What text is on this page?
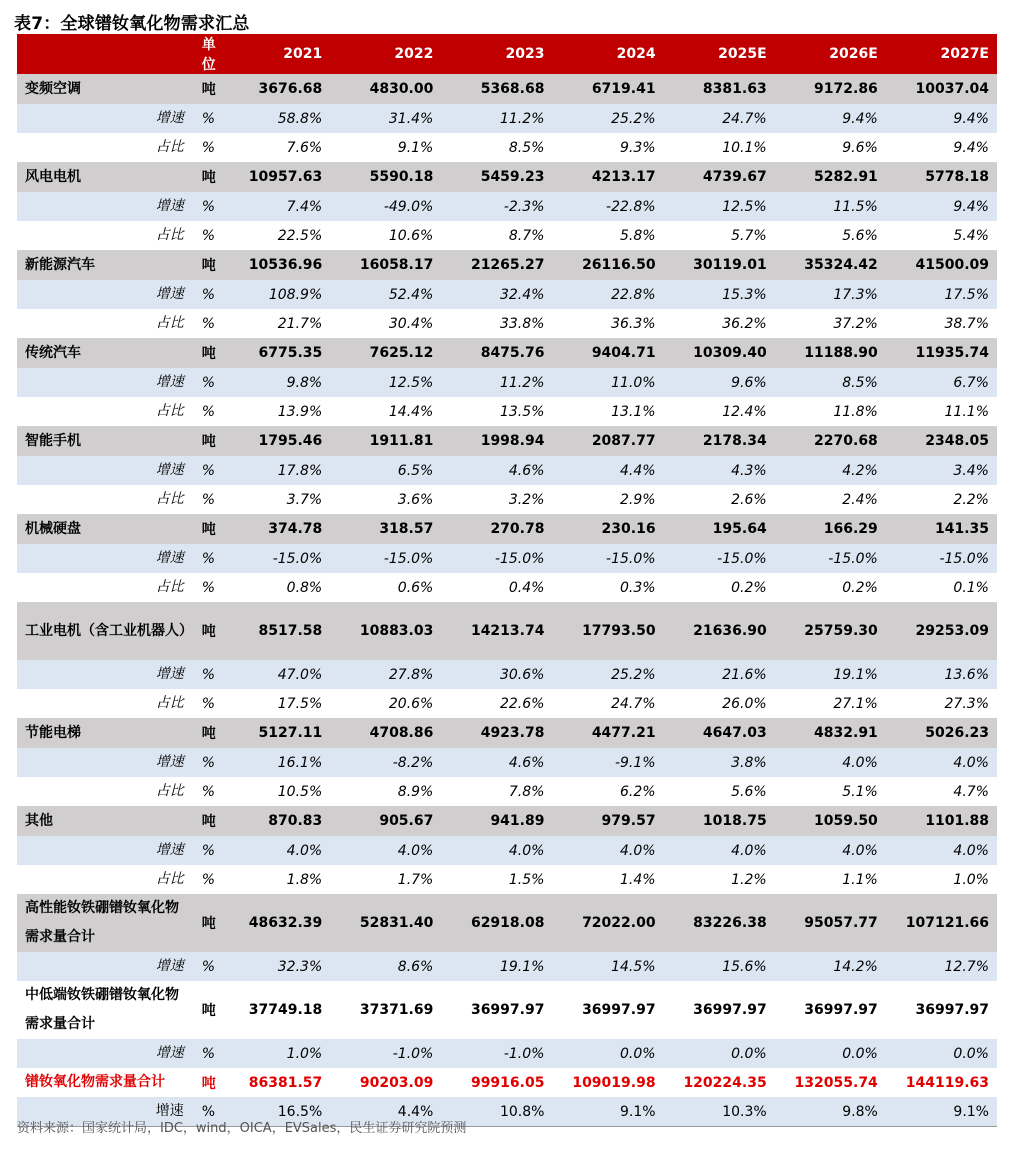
表7：全球镨钕氧化物需求汇总
	单位	2021	2022	2023	2024	2025E	2026E	2027E
变频空调	吨	3676.68	4830.00	5368.68	6719.41	8381.63	9172.86	10037.04
增速	%	58.8%	31.4%	11.2%	25.2%	24.7%	9.4%	9.4%
占比	%	7.6%	9.1%	8.5%	9.3%	10.1%	9.6%	9.4%
风电电机	吨	10957.63	5590.18	5459.23	4213.17	4739.67	5282.91	5778.18
增速	%	7.4%	-49.0%	-2.3%	-22.8%	12.5%	11.5%	9.4%
占比	%	22.5%	10.6%	8.7%	5.8%	5.7%	5.6%	5.4%
新能源汽车	吨	10536.96	16058.17	21265.27	26116.50	30119.01	35324.42	41500.09
增速	%	108.9%	52.4%	32.4%	22.8%	15.3%	17.3%	17.5%
占比	%	21.7%	30.4%	33.8%	36.3%	36.2%	37.2%	38.7%
传统汽车	吨	6775.35	7625.12	8475.76	9404.71	10309.40	11188.90	11935.74
增速	%	9.8%	12.5%	11.2%	11.0%	9.6%	8.5%	6.7%
占比	%	13.9%	14.4%	13.5%	13.1%	12.4%	11.8%	11.1%
智能手机	吨	1795.46	1911.81	1998.94	2087.77	2178.34	2270.68	2348.05
增速	%	17.8%	6.5%	4.6%	4.4%	4.3%	4.2%	3.4%
占比	%	3.7%	3.6%	3.2%	2.9%	2.6%	2.4%	2.2%
机械硬盘	吨	374.78	318.57	270.78	230.16	195.64	166.29	141.35
增速	%	-15.0%	-15.0%	-15.0%	-15.0%	-15.0%	-15.0%	-15.0%
占比	%	0.8%	0.6%	0.4%	0.3%	0.2%	0.2%	0.1%
工业电机（含工业机器人）	吨	8517.58	10883.03	14213.74	17793.50	21636.90	25759.30	29253.09
增速	%	47.0%	27.8%	30.6%	25.2%	21.6%	19.1%	13.6%
占比	%	17.5%	20.6%	22.6%	24.7%	26.0%	27.1%	27.3%
节能电梯	吨	5127.11	4708.86	4923.78	4477.21	4647.03	4832.91	5026.23
增速	%	16.1%	-8.2%	4.6%	-9.1%	3.8%	4.0%	4.0%
占比	%	10.5%	8.9%	7.8%	6.2%	5.6%	5.1%	4.7%
其他	吨	870.83	905.67	941.89	979.57	1018.75	1059.50	1101.88
增速	%	4.0%	4.0%	4.0%	4.0%	4.0%	4.0%	4.0%
占比	%	1.8%	1.7%	1.5%	1.4%	1.2%	1.1%	1.0%
高性能钕铁硼镨钕氧化物需求量合计	吨	48632.39	52831.40	62918.08	72022.00	83226.38	95057.77	107121.66
增速	%	32.3%	8.6%	19.1%	14.5%	15.6%	14.2%	12.7%
中低端钕铁硼镨钕氧化物需求量合计	吨	37749.18	37371.69	36997.97	36997.97	36997.97	36997.97	36997.97
增速	%	1.0%	-1.0%	-1.0%	0.0%	0.0%	0.0%	0.0%
镨钕氧化物需求量合计	吨	86381.57	90203.09	99916.05	109019.98	120224.35	132055.74	144119.63
增速	%	16.5%	4.4%	10.8%	9.1%	10.3%	9.8%	9.1%
资料来源：国家统计局，IDC，wind，OICA，EVSales，民生证券研究院预测
